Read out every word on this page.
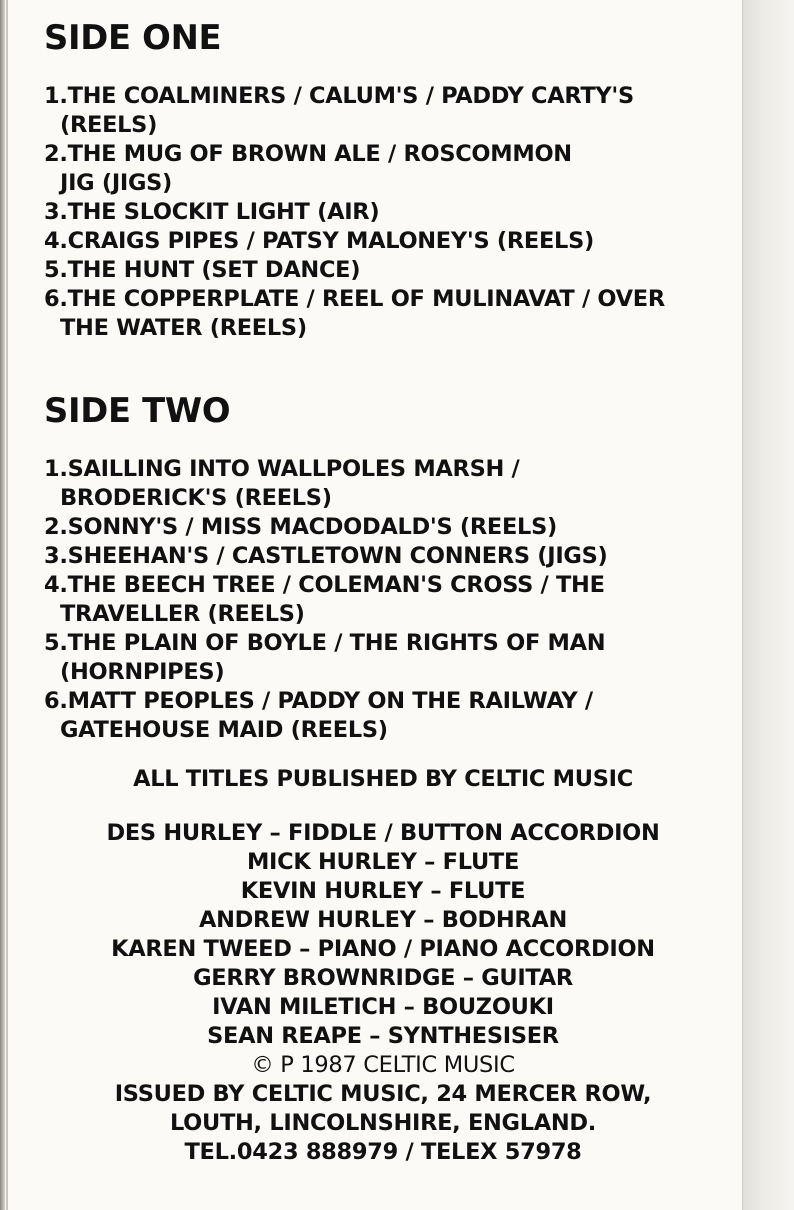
SIDE ONE
1.THE COALMINERS / CALUM'S / PADDY CARTY'S
(REELS)
2.THE MUG OF BROWN ALE / ROSCOMMON
JIG (JIGS)
3.THE SLOCKIT LIGHT (AIR)
4.CRAIGS PIPES / PATSY MALONEY'S (REELS)
5.THE HUNT (SET DANCE)
6.THE COPPERPLATE / REEL OF MULINAVAT / OVER
THE WATER (REELS)
SIDE TWO
1.SAILLING INTO WALLPOLES MARSH /
BRODERICK'S (REELS)
2.SONNY'S / MISS MACDODALD'S (REELS)
3.SHEEHAN'S / CASTLETOWN CONNERS (JIGS)
4.THE BEECH TREE / COLEMAN'S CROSS / THE
TRAVELLER (REELS)
5.THE PLAIN OF BOYLE / THE RIGHTS OF MAN
(HORNPIPES)
6.MATT PEOPLES / PADDY ON THE RAILWAY /
GATEHOUSE MAID (REELS)
ALL TITLES PUBLISHED BY CELTIC MUSIC
DES HURLEY – FIDDLE / BUTTON ACCORDION
MICK HURLEY – FLUTE
KEVIN HURLEY – FLUTE
ANDREW HURLEY – BODHRAN
KAREN TWEED – PIANO / PIANO ACCORDION
GERRY BROWNRIDGE – GUITAR
IVAN MILETICH – BOUZOUKI
SEAN REAPE – SYNTHESISER
© P 1987 CELTIC MUSIC
ISSUED BY CELTIC MUSIC, 24 MERCER ROW,
LOUTH, LINCOLNSHIRE, ENGLAND.
TEL.0423 888979 / TELEX 57978
